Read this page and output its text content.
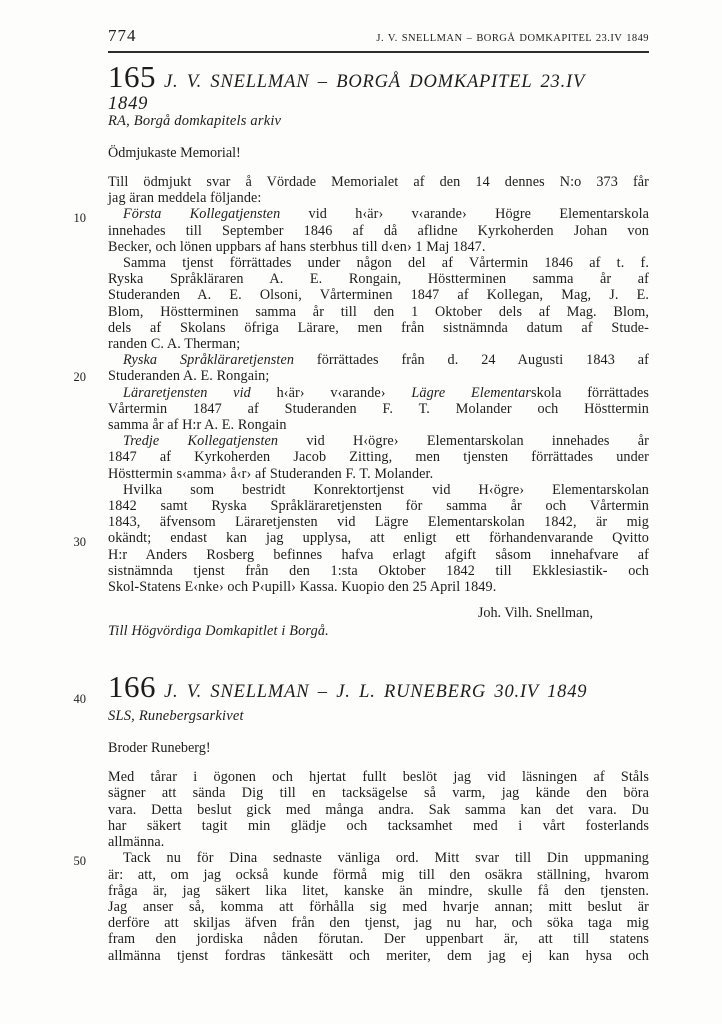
774	J. V. SNELLMAN – BORGÅ DOMKAPITEL 23.IV 1849
10
20
30
40
50
165 J. V. SNELLMAN – BORGÅ DOMKAPITEL 23.IV
1849
RA, Borgå domkapitels arkiv
Ödmjukaste Memorial!
Till ödmjukt svar å Vördade Memorialet af den 14 dennes N:o 373 får
jag äran meddela följande:
Första Kollegatjensten vid h‹är› v‹arande› Högre Elementarskola
innehades till September 1846 af då aflidne Kyrkoherden Johan von
Becker, och lönen uppbars af hans sterbhus till d‹en› 1 Maj 1847.
Samma tjenst förrättades under någon del af Vårtermin 1846 af t. f.
Ryska Språkläraren A. E. Rongain, Höstterminen samma år af
Studeranden A. E. Olsoni, Vårterminen 1847 af Kollegan, Mag, J. E.
Blom, Höstterminen samma år till den 1 Oktober dels af Mag. Blom,
dels af Skolans öfriga Lärare, men från sistnämnda datum af Stude-
randen C. A. Therman;
Ryska Språkläraretjensten förrättades från d. 24 Augusti 1843 af
Studeranden A. E. Rongain;
Läraretjensten vid h‹är› v‹arande› Lägre Elementarskola förrättades
Vårtermin 1847 af Studeranden F. T. Molander och Hösttermin
samma år af H:r A. E. Rongain
Tredje Kollegatjensten vid H‹ögre› Elementarskolan innehades år
1847 af Kyrkoherden Jacob Zitting, men tjensten förrättades under
Hösttermin s‹amma› å‹r› af Studeranden F. T. Molander.
Hvilka som bestridt Konrektortjenst vid H‹ögre› Elementarskolan
1842 samt Ryska Språkläraretjensten för samma år och Vårtermin
1843, äfvensom Läraretjensten vid Lägre Elementarskolan 1842, är mig
okändt; endast kan jag upplysa, att enligt ett förhandenvarande Qvitto
H:r Anders Rosberg befinnes hafva erlagt afgift såsom innehafvare af
sistnämnda tjenst från den 1:sta Oktober 1842 till Ekklesiastik- och
Skol-Statens E‹nke› och P‹upill› Kassa. Kuopio den 25 April 1849.
Joh. Vilh. Snellman,
Till Högvördiga Domkapitlet i Borgå.
166 J. V. SNELLMAN – J. L. RUNEBERG 30.IV 1849
SLS, Runebergsarkivet
Broder Runeberg!
Med tårar i ögonen och hjertat fullt beslöt jag vid läsningen af Ståls
sägner att sända Dig till en tacksägelse så varm, jag kände den böra
vara. Detta beslut gick med många andra. Sak samma kan det vara. Du
har säkert tagit min glädje och tacksamhet med i vårt fosterlands
allmänna.
Tack nu för Dina sednaste vänliga ord. Mitt svar till Din uppmaning
är: att, om jag också kunde förmå mig till den osäkra ställning, hvarom
fråga är, jag säkert lika litet, kanske än mindre, skulle få den tjensten.
Jag anser så, komma att förhålla sig med hvarje annan; mitt beslut är
derföre att skiljas äfven från den tjenst, jag nu har, och söka taga mig
fram den jordiska nåden förutan. Der uppenbart är, att till statens
allmänna tjenst fordras tänkesätt och meriter, dem jag ej kan hysa och
